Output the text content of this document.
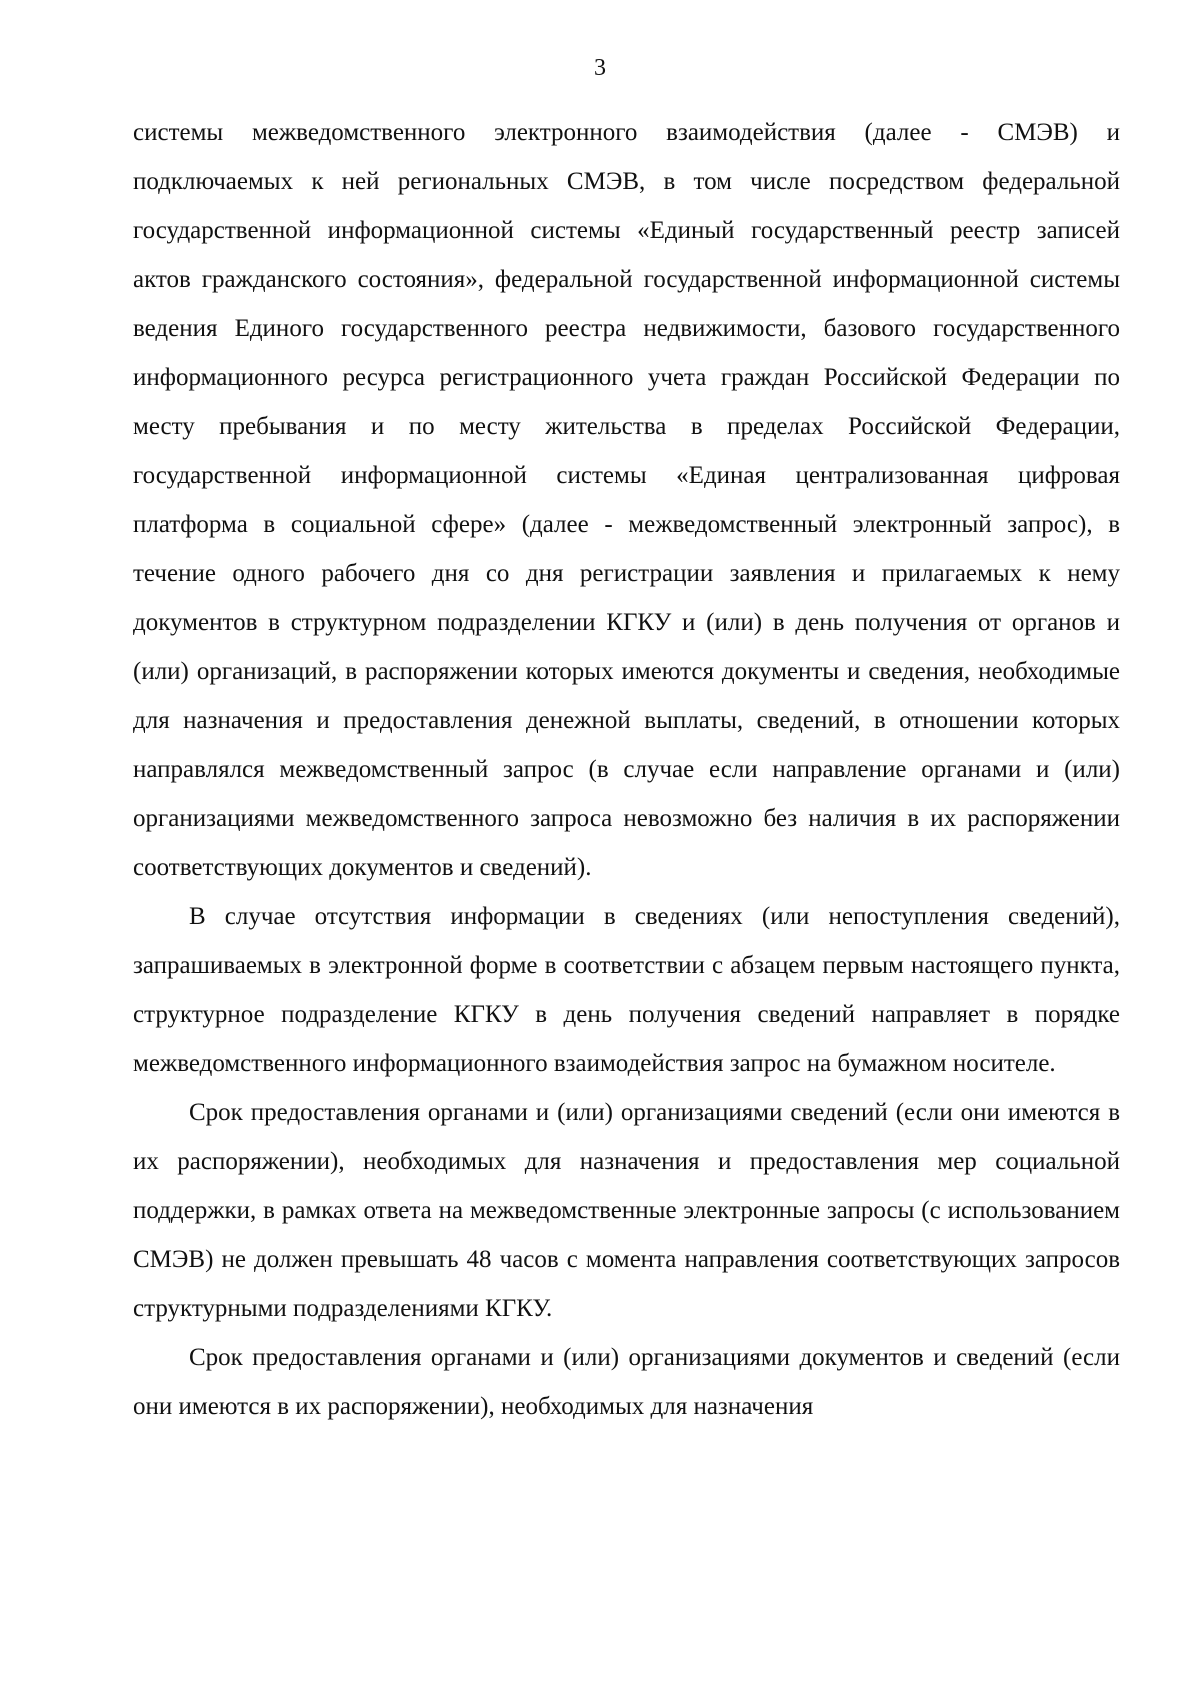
3

системы межведомственного электронного взаимодействия (далее - СМЭВ) и подключаемых к ней региональных СМЭВ, в том числе посредством федеральной государственной информационной системы «Единый государственный реестр записей актов гражданского состояния», федеральной государственной информационной системы ведения Единого государственного реестра недвижимости, базового государственного информационного ресурса регистрационного учета граждан Российской Федерации по месту пребывания и по месту жительства в пределах Российской Федерации, государственной информационной системы «Единая централизованная цифровая платформа в социальной сфере» (далее - межведомственный электронный запрос), в течение одного рабочего дня со дня регистрации заявления и прилагаемых к нему документов в структурном подразделении КГКУ и (или) в день получения от органов и (или) организаций, в распоряжении которых имеются документы и сведения, необходимые для назначения и предоставления денежной выплаты, сведений, в отношении которых направлялся межведомственный запрос (в случае если направление органами и (или) организациями межведомственного запроса невозможно без наличия в их распоряжении соответствующих документов и сведений).

В случае отсутствия информации в сведениях (или непоступления сведений), запрашиваемых в электронной форме в соответствии с абзацем первым настоящего пункта, структурное подразделение КГКУ в день получения сведений направляет в порядке межведомственного информационного взаимодействия запрос на бумажном носителе.

Срок предоставления органами и (или) организациями сведений (если они имеются в их распоряжении), необходимых для назначения и предоставления мер социальной поддержки, в рамках ответа на межведомственные электронные запросы (с использованием СМЭВ) не должен превышать 48 часов с момента направления соответствующих запросов структурными подразделениями КГКУ.

Срок предоставления органами и (или) организациями документов и сведений (если они имеются в их распоряжении), необходимых для назначения
